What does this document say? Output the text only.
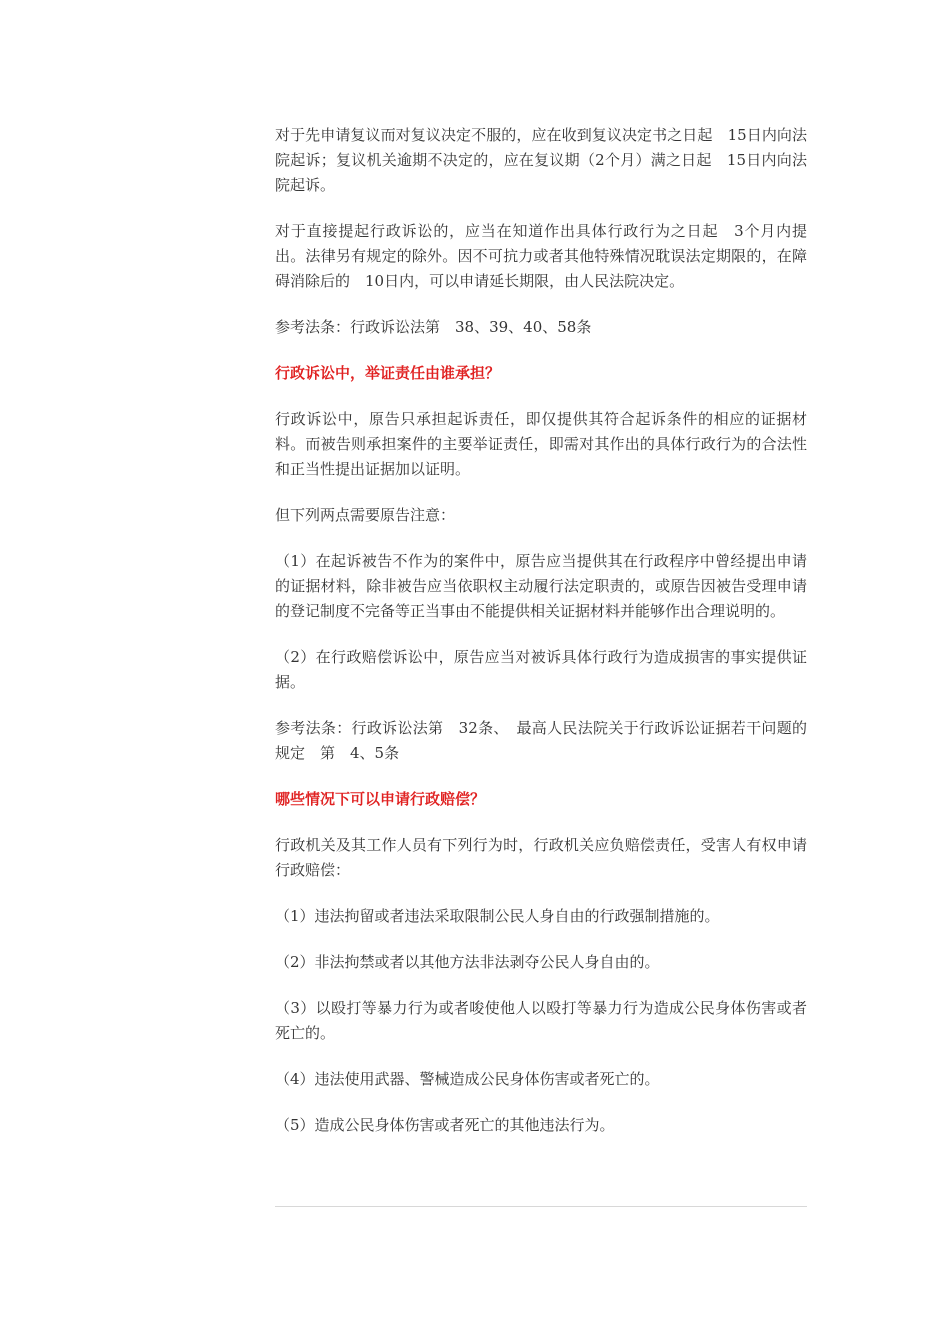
对于先申请复议而对复议决定不服的，应在收到复议决定书之日起　15日内向法院起诉；复议机关逾期不决定的，应在复议期（2个月）满之日起　15日内向法院起诉。

对于直接提起行政诉讼的，应当在知道作出具体行政行为之日起　3个月内提出。法律另有规定的除外。因不可抗力或者其他特殊情况耽误法定期限的，在障碍消除后的　10日内，可以申请延长期限，由人民法院决定。

参考法条：行政诉讼法第　38、39、40、58条

行政诉讼中，举证责任由谁承担？

行政诉讼中，原告只承担起诉责任，即仅提供其符合起诉条件的相应的证据材料。而被告则承担案件的主要举证责任，即需对其作出的具体行政行为的合法性和正当性提出证据加以证明。

但下列两点需要原告注意：

（1）在起诉被告不作为的案件中，原告应当提供其在行政程序中曾经提出申请的证据材料，除非被告应当依职权主动履行法定职责的，或原告因被告受理申请的登记制度不完备等正当事由不能提供相关证据材料并能够作出合理说明的。

（2）在行政赔偿诉讼中，原告应当对被诉具体行政行为造成损害的事实提供证据。

参考法条：行政诉讼法第　32条、　最高人民法院关于行政诉讼证据若干问题的规定　第　4、5条

哪些情况下可以申请行政赔偿？

行政机关及其工作人员有下列行为时，行政机关应负赔偿责任，受害人有权申请行政赔偿：

（1）违法拘留或者违法采取限制公民人身自由的行政强制措施的。

（2）非法拘禁或者以其他方法非法剥夺公民人身自由的。

（3）以殴打等暴力行为或者唆使他人以殴打等暴力行为造成公民身体伤害或者死亡的。

（4）违法使用武器、警械造成公民身体伤害或者死亡的。

（5）造成公民身体伤害或者死亡的其他违法行为。
